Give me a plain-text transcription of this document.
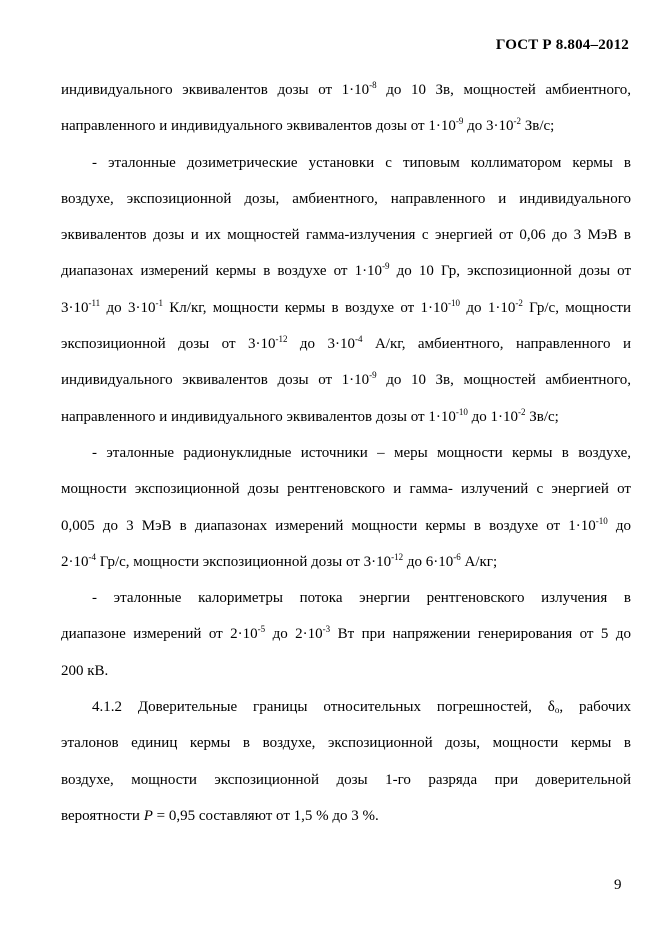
ГОСТ Р 8.804–2012
индивидуального эквивалентов дозы от $1\cdot 10^{-8}$ до 10 Зв, мощностей амбиентного,
направленного и индивидуального эквивалентов дозы от $1\cdot 10^{-9}$ до $3\cdot 10^{-2}$ Зв/с;
- эталонные дозиметрические установки с типовым коллиматором кермы в
воздухе, экспозиционной дозы, амбиентного, направленного и индивидуального
эквивалентов дозы и их мощностей гамма-излучения с энергией от 0,06 до 3 МэВ в
диапазонах измерений кермы в воздухе от $1\cdot 10^{-9}$ до 10 Гр, экспозиционной дозы от
$3\cdot 10^{-11}$ до $3\cdot 10^{-1}$ Кл/кг, мощности кермы в воздухе от $1\cdot 10^{-10}$ до $1\cdot 10^{-2}$ Гр/с, мощности
экспозиционной дозы от $3\cdot 10^{-12}$ до $3\cdot 10^{-4}$ А/кг, амбиентного, направленного и
индивидуального эквивалентов дозы от $1\cdot 10^{-9}$ до 10 Зв, мощностей амбиентного,
направленного и индивидуального эквивалентов дозы от $1\cdot 10^{-10}$ до $1\cdot 10^{-2}$ Зв/с;
- эталонные радионуклидные источники – меры мощности кермы в воздухе,
мощности экспозиционной дозы рентгеновского и гамма- излучений с энергией от
0,005 до 3 МэВ в диапазонах измерений мощности кермы в воздухе от $1\cdot 10^{-10}$ до
$2\cdot 10^{-4}$ Гр/с, мощности экспозиционной дозы от $3\cdot 10^{-12}$ до $6\cdot 10^{-6}$ А/кг;
- эталонные калориметры потока энергии рентгеновского излучения в
диапазоне измерений от $2\cdot 10^{-5}$ до $2\cdot 10^{-3}$ Вт при напряжении генерирования от 5 до
200 кВ.
4.1.2 Доверительные границы относительных погрешностей, $\delta_o$, рабочих
эталонов единиц кермы в воздухе, экспозиционной дозы, мощности кермы в
воздухе, мощности экспозиционной дозы 1-го разряда при доверительной
вероятности P = 0,95 составляют от 1,5 % до 3 %.
9
